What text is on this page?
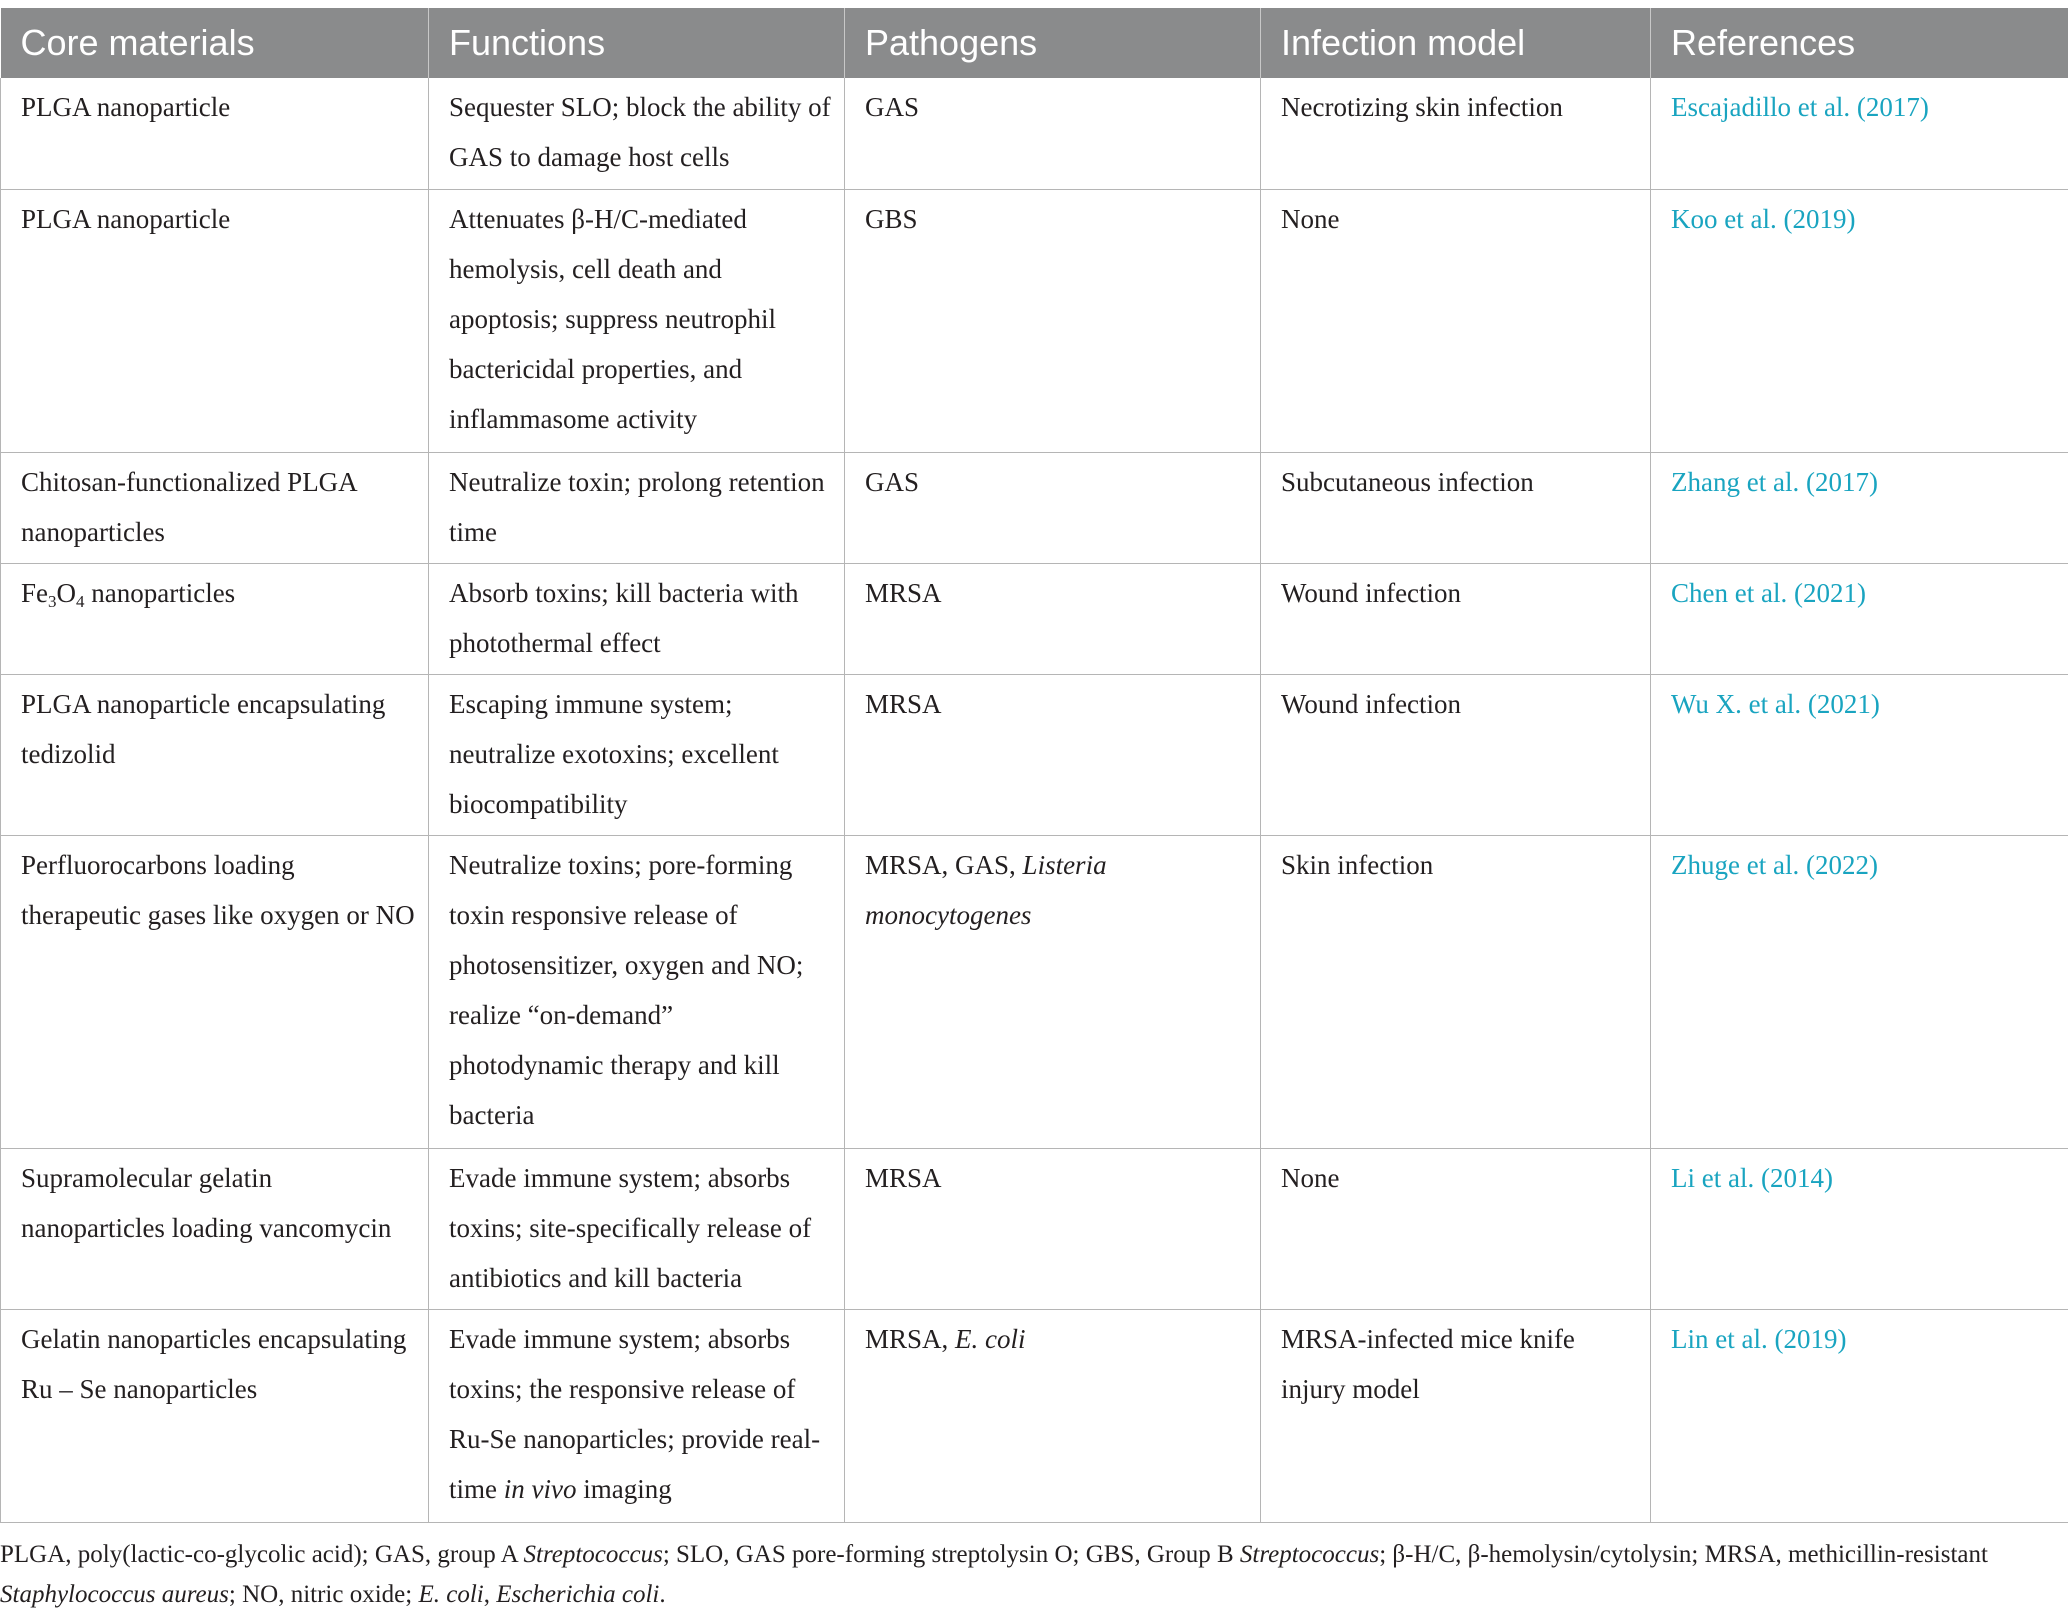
Core materials	Functions	Pathogens	Infection model	References
PLGA nanoparticle	Sequester SLO; block the ability of GAS to damage host cells	GAS	Necrotizing skin infection	Escajadillo et al. (2017)
PLGA nanoparticle	Attenuates β-H/C-mediated hemolysis, cell death and apoptosis; suppress neutrophil bactericidal properties, and inflammasome activity	GBS	None	Koo et al. (2019)
Chitosan-functionalized PLGA nanoparticles	Neutralize toxin; prolong retention time	GAS	Subcutaneous infection	Zhang et al. (2017)
$Fe_3O_4$ nanoparticles	Absorb toxins; kill bacteria with photothermal effect	MRSA	Wound infection	Chen et al. (2021)
PLGA nanoparticle encapsulating tedizolid	Escaping immune system; neutralize exotoxins; excellent biocompatibility	MRSA	Wound infection	Wu X. et al. (2021)
Perfluorocarbons loading therapeutic gases like oxygen or NO	Neutralize toxins; pore-forming toxin responsive release of photosensitizer, oxygen and NO; realize “on-demand” photodynamic therapy and kill bacteria	MRSA, GAS, Listeria monocytogenes	Skin infection	Zhuge et al. (2022)
Supramolecular gelatin nanoparticles loading vancomycin	Evade immune system; absorbs toxins; site-specifically release of antibiotics and kill bacteria	MRSA	None	Li et al. (2014)
Gelatin nanoparticles encapsulating Ru – Se nanoparticles	Evade immune system; absorbs toxins; the responsive release of Ru-Se nanoparticles; provide real-time in vivo imaging	MRSA, E. coli	MRSA-infected mice knife injury model	Lin et al. (2019)
PLGA, poly(lactic-co-glycolic acid); GAS, group A Streptococcus; SLO, GAS pore-forming streptolysin O; GBS, Group B Streptococcus; β-H/C, β-hemolysin/cytolysin; MRSA, methicillin-resistant Staphylococcus aureus; NO, nitric oxide; E. coli, Escherichia coli.
